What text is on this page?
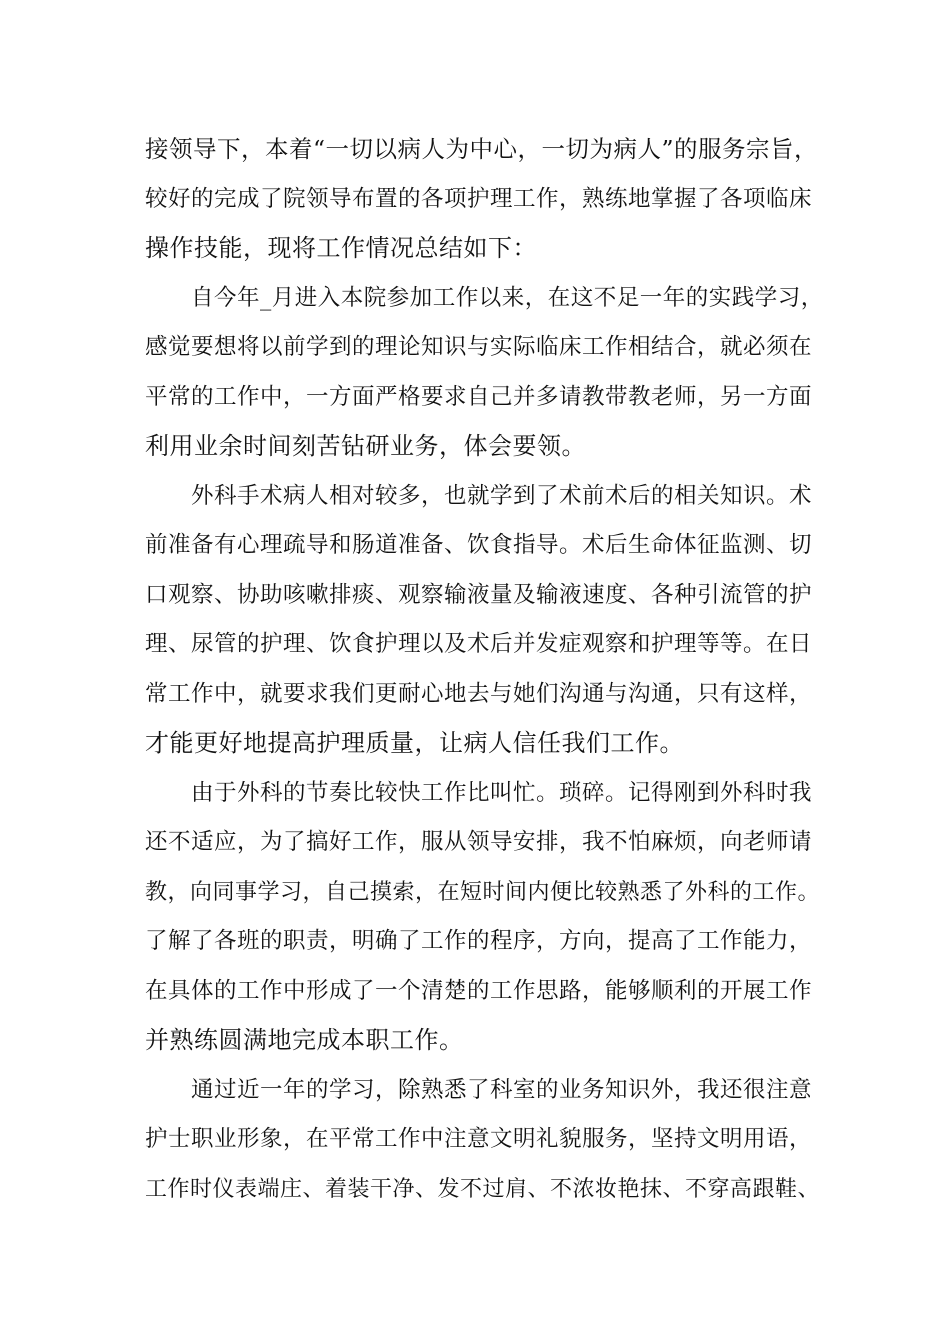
接领导下，本着“一切以病人为中心，一切为病人”的服务宗旨，
较好的完成了院领导布置的各项护理工作，熟练地掌握了各项临床
操作技能，现将工作情况总结如下：
自今年_月进入本院参加工作以来，在这不足一年的实践学习，
感觉要想将以前学到的理论知识与实际临床工作相结合，就必须在
平常的工作中，一方面严格要求自己并多请教带教老师，另一方面
利用业余时间刻苦钻研业务，体会要领。
外科手术病人相对较多，也就学到了术前术后的相关知识。术
前准备有心理疏导和肠道准备、饮食指导。术后生命体征监测、切
口观察、协助咳嗽排痰、观察输液量及输液速度、各种引流管的护
理、尿管的护理、饮食护理以及术后并发症观察和护理等等。在日
常工作中，就要求我们更耐心地去与她们沟通与沟通，只有这样，
才能更好地提高护理质量，让病人信任我们工作。
由于外科的节奏比较快工作比叫忙。琐碎。记得刚到外科时我
还不适应，为了搞好工作，服从领导安排，我不怕麻烦，向老师请
教，向同事学习，自己摸索，在短时间内便比较熟悉了外科的工作。
了解了各班的职责，明确了工作的程序，方向，提高了工作能力，
在具体的工作中形成了一个清楚的工作思路，能够顺利的开展工作
并熟练圆满地完成本职工作。
通过近一年的学习，除熟悉了科室的业务知识外，我还很注意
护士职业形象，在平常工作中注意文明礼貌服务，坚持文明用语，
工作时仪表端庄、着装干净、发不过肩、不浓妆艳抹、不穿高跟鞋、
